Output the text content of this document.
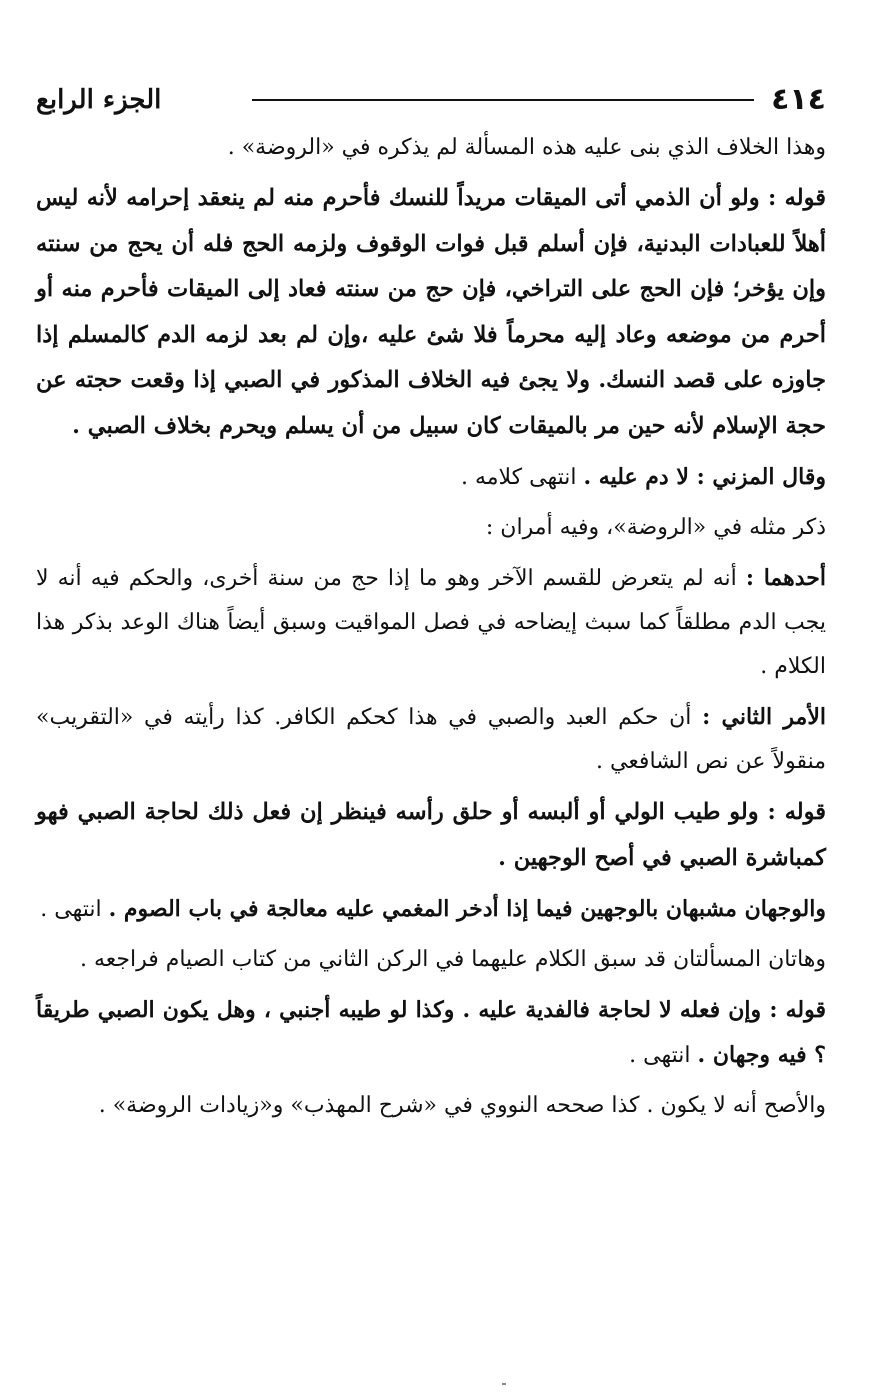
٤١٤
الجزء الرابع

وهذا الخلاف الذي بنى عليه هذه المسألة لم يذكره في «الروضة» .

قوله : ولو أن الذمي أتى الميقات مريداً للنسك فأحرم منه لم ينعقد إحرامه لأنه ليس أهلاً للعبادات البدنية، فإن أسلم قبل فوات الوقوف ولزمه الحج فله أن يحج من سنته وإن يؤخر؛ فإن الحج على التراخي، فإن حج من سنته فعاد إلى الميقات فأحرم منه أو أحرم من موضعه وعاد إليه محرماً فلا شئ عليه ،وإن لم بعد لزمه الدم كالمسلم إذا جاوزه على قصد النسك. ولا يجئ فيه الخلاف المذكور في الصبي إذا وقعت حجته عن حجة الإسلام لأنه حين مر بالميقات كان سبيل من أن يسلم ويحرم بخلاف الصبي .

وقال المزني : لا دم عليه . انتهى كلامه .

ذكر مثله في «الروضة»، وفيه أمران :

أحدهما : أنه لم يتعرض للقسم الآخر وهو ما إذا حج من سنة أخرى، والحكم فيه أنه لا يجب الدم مطلقاً كما سبث إيضاحه في فصل المواقيت وسبق أيضاً هناك الوعد بذكر هذا الكلام .

الأمر الثاني : أن حكم العبد والصبي في هذا كحكم الكافر. كذا رأيته في «التقريب» منقولاً عن نص الشافعي .

قوله : ولو طيب الولي أو ألبسه أو حلق رأسه فينظر إن فعل ذلك لحاجة الصبي فهو كمباشرة الصبي في أصح الوجهين .

والوجهان مشبهان بالوجهين فيما إذا أدخر المغمي عليه معالجة في باب الصوم . انتهى .

وهاتان المسألتان قد سبق الكلام عليهما في الركن الثاني من كتاب الصيام فراجعه .

قوله : وإن فعله لا لحاجة فالفدية عليه . وكذا لو طيبه أجنبي ، وهل يكون الصبي طريقاً ؟ فيه وجهان . انتهى .

والأصح أنه لا يكون . كذا صححه النووي في «شرح المهذب» و«زيادات الروضة» .
